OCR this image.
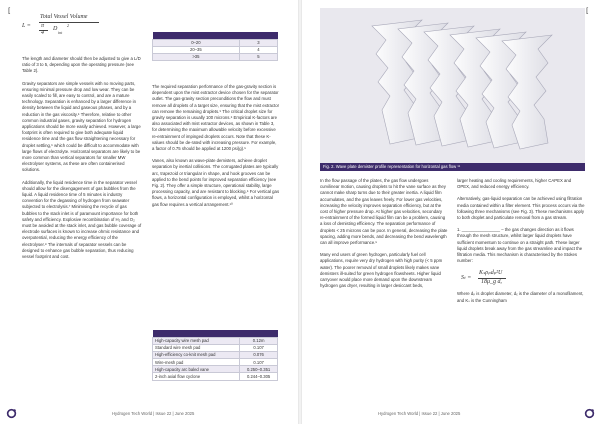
[	[
L =
Total Vessel Volume
π
4
D
int
2

The length and diameter should then be adjusted to give a L/D ratio of 3 to 5, depending upon the operating pressure (see Table 2).

Gravity separators are simple vessels with no moving parts, ensuring minimal pressure drop and low wear. They can be easily scaled to fill, are easy to control, and are a mature technology. Separation is enhanced by a larger difference in density between the liquid and gaseous phases, and by a reduction in the gas viscosity.⁵ Therefore, relative to other common industrial gases, gravity separation for hydrogen applications should be more easily achieved. However, a large footprint is often required to give both adequate liquid residence time and the gas flow straightening necessary for droplet settling,⁶ which could be difficult to accommodate with large flows of electrolyte. Horizontal separators are likely to be more common than vertical separators for smaller MW electrolyser systems, as these are often containerised solutions.

Additionally, the liquid residence time in the separator vessel should allow for the disengagement of gas bubbles from the liquid. A liquid residence time of 5 minutes is industry convention for the degassing of hydrogen from seawater subjected to electrolysis.⁷ Minimising the recycle of gas bubbles to the stack inlet is of paramount importance for both safety and efficiency. Explosive recombination of H₂ and O₂ must be avoided at the stack inlet, and gas bubble coverage of electrode surfaces is known to increase ohmic resistance and overpotential, reducing the energy efficiency of the electrolyser.⁸ The internals of separator vessels can be designed to enhance gas bubble separation, thus reducing vessel footprint and cost.

0–20	3
20–35	4
>35	5

The required separation performance of the gas-gravity section is dependent upon the mist extractor device chosen for the separator outlet. The gas-gravity section preconditions the flow and must remove all droplets of a target size, ensuring that the mist extractor can remove the remaining droplets.⁹ The critical droplet size for gravity separation is usually 100 microns.⁵ Empirical K-factors are also associated with mist extractor devices, as shown in Table 3, for determining the maximum allowable velocity before excessive re-entrainment of impinged droplets occurs. Note that these K-values should be de-rated with increasing pressure. For example, a factor of 0.75 should be applied at 1200 psi(g).⁵

Vanes, also known as wave-plate demisters, achieve droplet separation by inertial collisions. The corrugated plates are typically arc, trapezoid or triangular in shape, and hook grooves can be applied to the bend points for improved separation efficiency (see Fig. 2). They offer a simple structure, operational stability, large processing capacity, and are resistant to blocking.⁵ For vertical gas flows, a horizontal configuration is employed, whilst a horizontal gas flow requires a vertical arrangement.¹⁰

High-capacity wire mesh pad	0.12m
Standard wire mesh pad	0.107
High-efficiency co-knit mesh pad	0.076
Wire-mesh pad	0.107
High-capacity arc baled vane	0.250–0.351
2-inch axial flow cyclone	0.244–0.305
Hydrogen Tech World | Issue 22 | June 2025
Fig. 2. Wave plate demister profile representation for horizontal gas flow ¹¹

In the flow passage of the plates, the gas flow undergoes curvilinear motion, causing droplets to hit the vane surface as they cannot make sharp turns due to their greater inertia. A liquid film accumulates, and the gas leaves freely. For lower gas velocities, increasing the velocity improves separation efficiency, but at the cost of higher pressure drop. At higher gas velocities, secondary re-entrainment of the formed liquid film can be a problem, causing a loss of demisting efficiency. The separation performance of droplets < 25 microns can be poor. In general, decreasing the plate spacing, adding more bends, and decreasing the bend wavelength can all improve performance.⁵

Many end users of green hydrogen, particularly fuel cell applications, require very dry hydrogen with high purity (< 5 ppm water). The poorer removal of small droplets likely makes vane demisters ill-suited for green hydrogen flowsheets. Higher liquid carryover would place more demand upon the downstream hydrogen gas dryer, resulting in larger desiccant beds,

larger heating and cooling requirements, higher CAPEX and OPEX, and reduced energy efficiency.

Alternatively, gas-liquid separation can be achieved using filtration media contained within a filter element. This process occurs via the following three mechanisms (see Fig. 3). These mechanisms apply to both droplet and particulate removal from a gas stream.

1. ________________ – the gas changes direction as it flows through the mesh structure, whilst larger liquid droplets have sufficient momentum to continue on a straight path. These larger liquid droplets break away from the gas streamline and impact the filtration media. This mechanism is characterised by the Stokes number:

Sₜ =
Kₛρₚdₚ²U
18μ_g dₓ

Where dₚ is droplet diameter, dₓ is the diameter of a monofilament, and Kₛ is the Cunningham

Hydrogen Tech World | Issue 22 | June 2025
